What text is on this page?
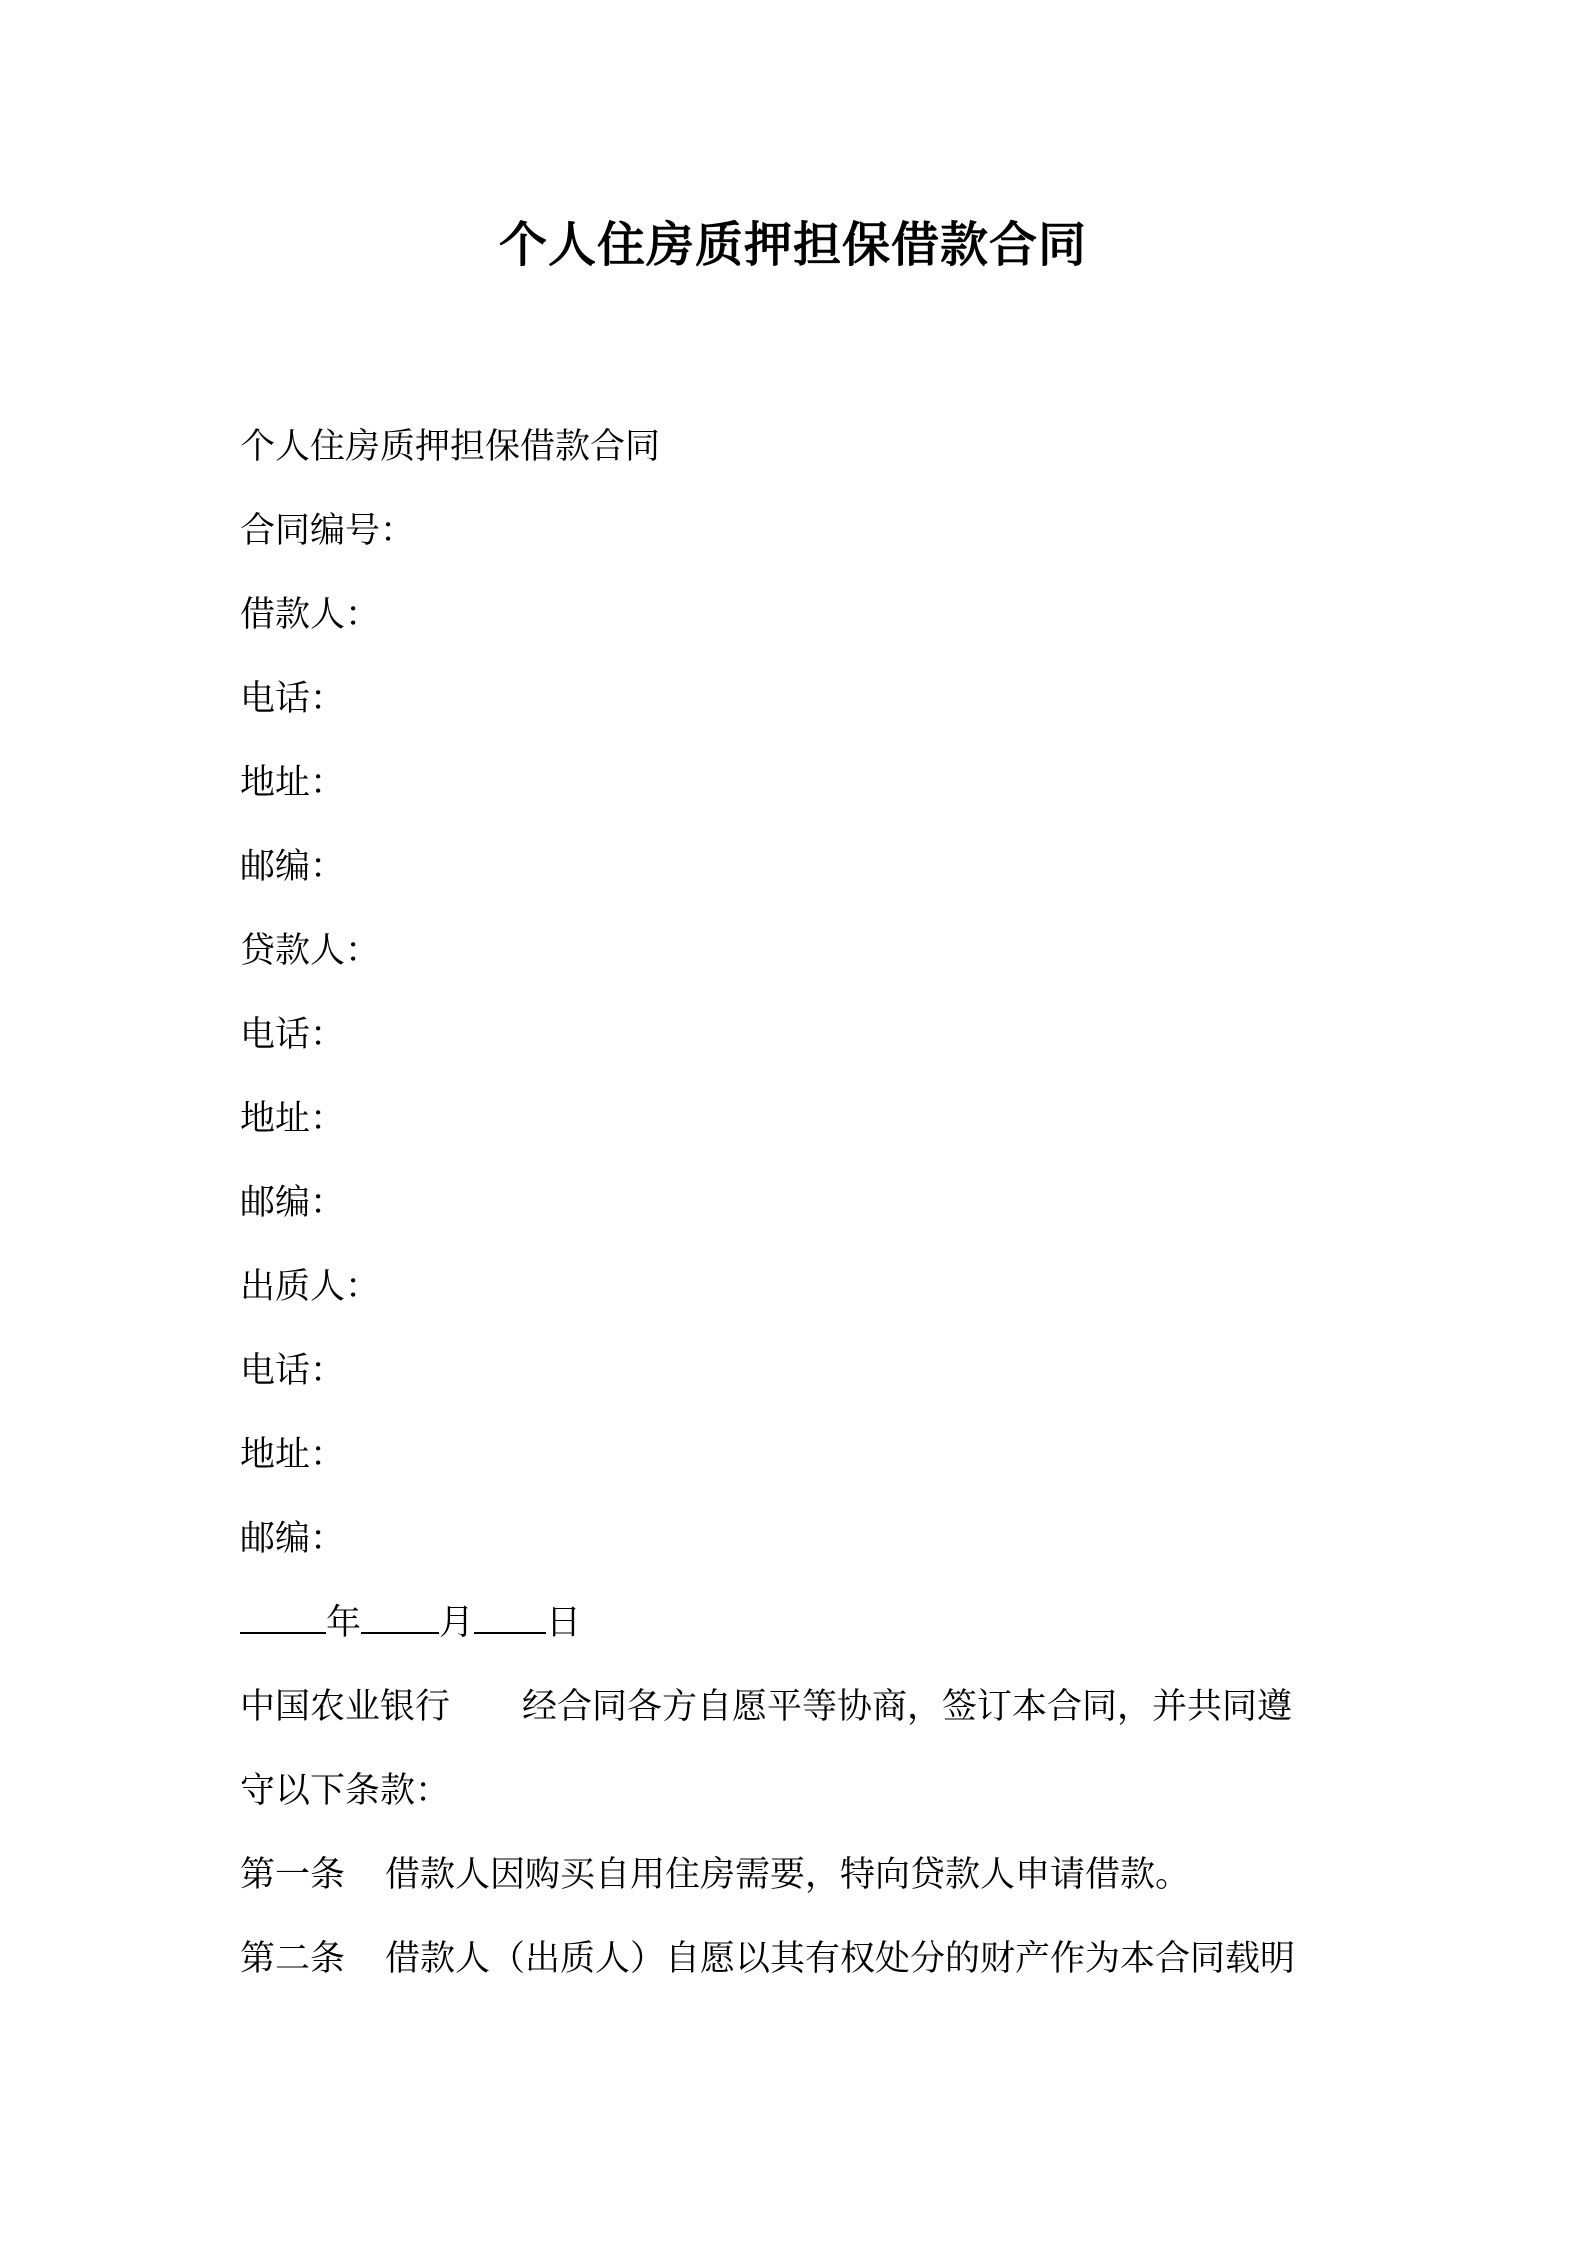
个人住房质押担保借款合同
个人住房质押担保借款合同
合同编号：
借款人：
电话：
地址：
邮编：
贷款人：
电话：
地址：
邮编：
出质人：
电话：
地址：
邮编：
年 月 日
中国农业银行 经合同各方自愿平等协商，签订本合同，并共同遵
守以下条款：
第一条 借款人因购买自用住房需要，特向贷款人申请借款。
第二条 借款人（出质人）自愿以其有权处分的财产作为本合同载明
